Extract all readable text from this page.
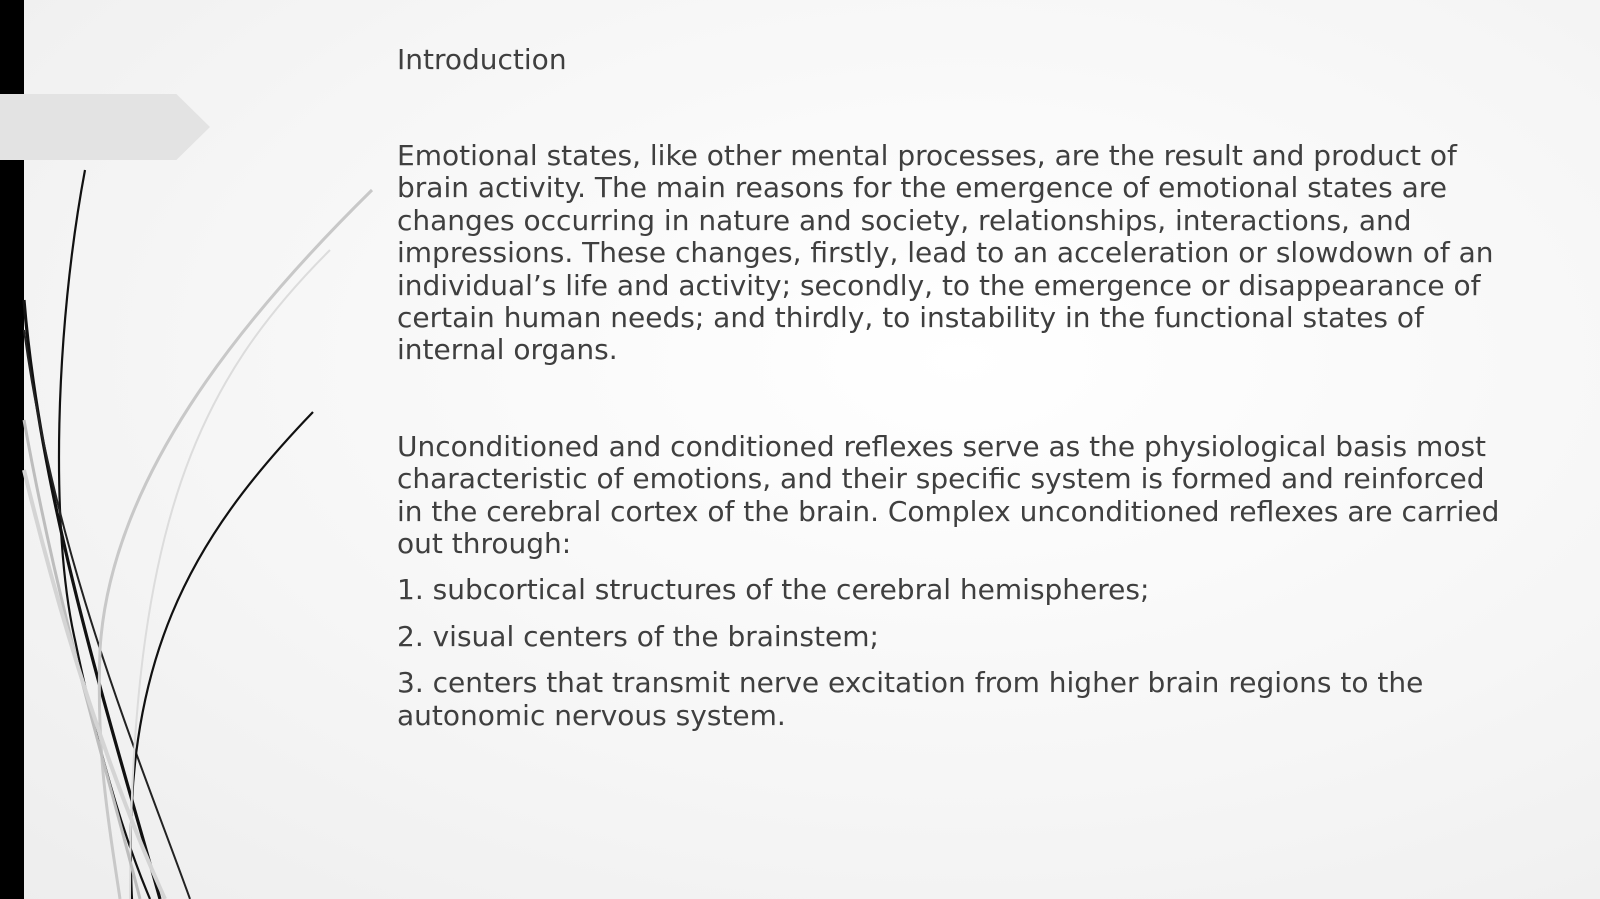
Introduction

Emotional states, like other mental processes, are the result and product of brain activity. The main reasons for the emergence of emotional states are changes occurring in nature and society, relationships, interactions, and impressions. These changes, firstly, lead to an acceleration or slowdown of an individual’s life and activity; secondly, to the emergence or disappearance of certain human needs; and thirdly, to instability in the functional states of internal organs.

Unconditioned and conditioned reflexes serve as the physiological basis most characteristic of emotions, and their specific system is formed and reinforced in the cerebral cortex of the brain. Complex unconditioned reflexes are carried out through:

1. subcortical structures of the cerebral hemispheres;
2. visual centers of the brainstem;
3. centers that transmit nerve excitation from higher brain regions to the autonomic nervous system.
